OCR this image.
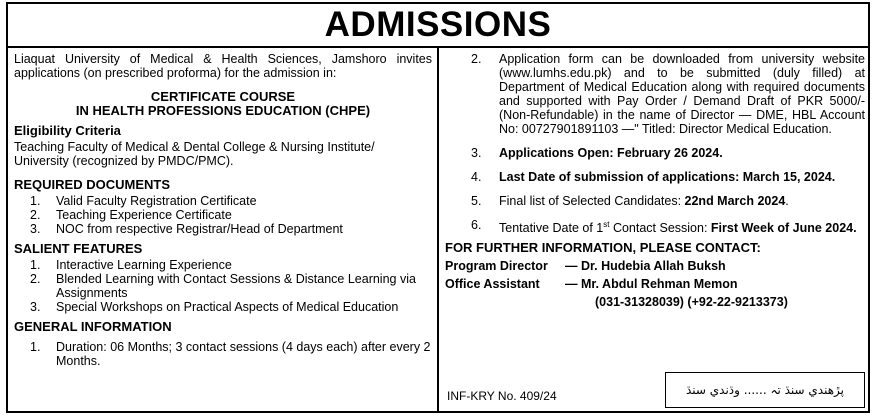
ADMISSIONS
Liaquat University of Medical & Health Sciences, Jamshoro invites applications (on prescribed proforma) for the admission in:
CERTIFICATE COURSE
IN HEALTH PROFESSIONS EDUCATION (CHPE)
Eligibility Criteria
Teaching Faculty of Medical & Dental College & Nursing Institute/ University (recognized by PMDC/PMC).
REQUIRED DOCUMENTS
1.	Valid Faculty Registration Certificate
2.	Teaching Experience Certificate
3.	NOC from respective Registrar/Head of Department
SALIENT FEATURES
1.	Interactive Learning Experience
2.	Blended Learning with Contact Sessions & Distance Learning via Assignments
3.	Special Workshops on Practical Aspects of Medical Education
GENERAL INFORMATION
1.	Duration: 06 Months; 3 contact sessions (4 days each) after every 2 Months.
2.	Application form can be downloaded from university website (www.lumhs.edu.pk) and to be submitted (duly filled) at Department of Medical Education along with required documents and supported with Pay Order / Demand Draft of PKR 5000/- (Non-Refundable) in the name of Director — DME, HBL Account No: 00727901891103 —" Titled: Director Medical Education.
3.	Applications Open: February 26 2024.
4.	Last Date of submission of applications: March 15, 2024.
5.	Final list of Selected Candidates: 22nd March 2024.
6.	Tentative Date of 1st Contact Session: First Week of June 2024.
FOR FURTHER INFORMATION, PLEASE CONTACT:
Program Director	— Dr. Hudebia Allah Buksh
Office Assistant	— Mr. Abdul Rehman Memon
(031-31328039) (+92-22-9213373)
INF-KRY No. 409/24	پڙهندي سنڌ تہ ...... وڌندي سنڌ
